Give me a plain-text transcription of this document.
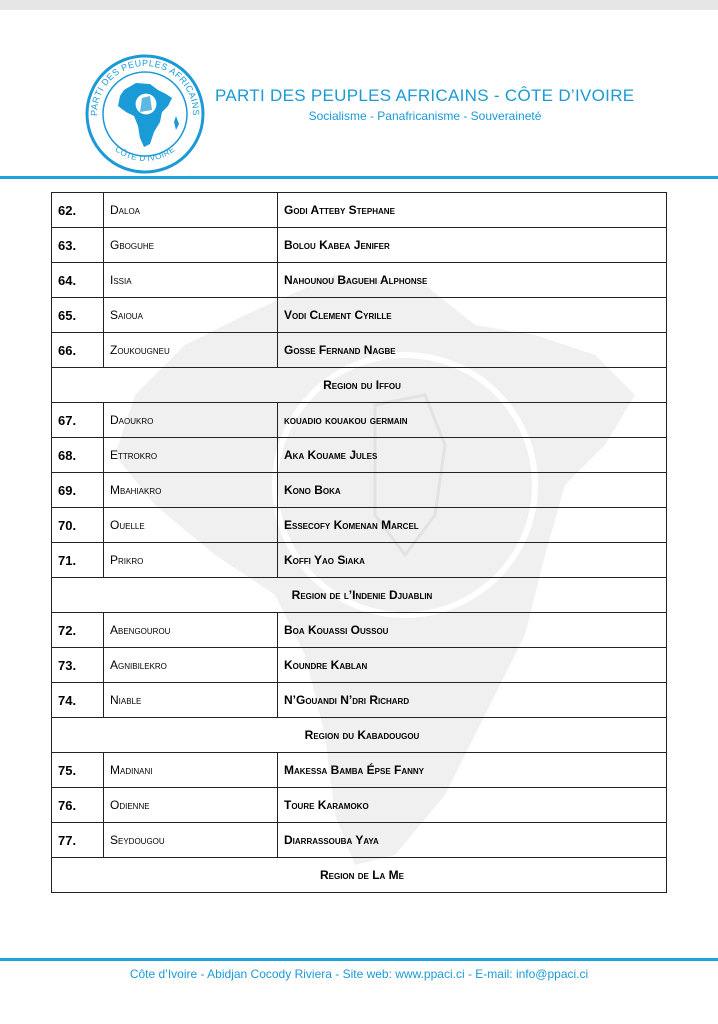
PARTI DES PEUPLES AFRICAINS
CÔTE D'IVOIRE
PARTI DES PEUPLES AFRICAINS - CÔTE D’IVOIRE
Socialisme - Panafricanisme - Souveraineté
62.	Daloa	Godi Atteby Stephane
63.	Gboguhe	Bolou Kabea Jenifer
64.	Issia	Nahounou Baguehi Alphonse
65.	Saioua	Vodi Clement Cyrille
66.	Zoukougneu	Gosse Fernand Nagbe
Region du Iffou		
67.	Daoukro	kouadio kouakou germain
68.	Ettrokro	Aka Kouame Jules
69.	Mbahiakro	Kono Boka
70.	Ouelle	Essecofy Komenan Marcel
71.	Prikro	Koffi Yao Siaka
Region de l’Indenie Djuablin		
72.	Abengourou	Boa Kouassi Oussou
73.	Agnibilekro	Koundre Kablan
74.	Niable	N’Gouandi N’dri Richard
Region du Kabadougou		
75.	Madinani	Makessa Bamba Épse Fanny
76.	Odienne	Toure Karamoko
77.	Seydougou	Diarrassouba Yaya
Region de La Me		
Côte d’Ivoire - Abidjan Cocody Riviera - Site web: www.ppaci.ci - E-mail: info@ppaci.ci
